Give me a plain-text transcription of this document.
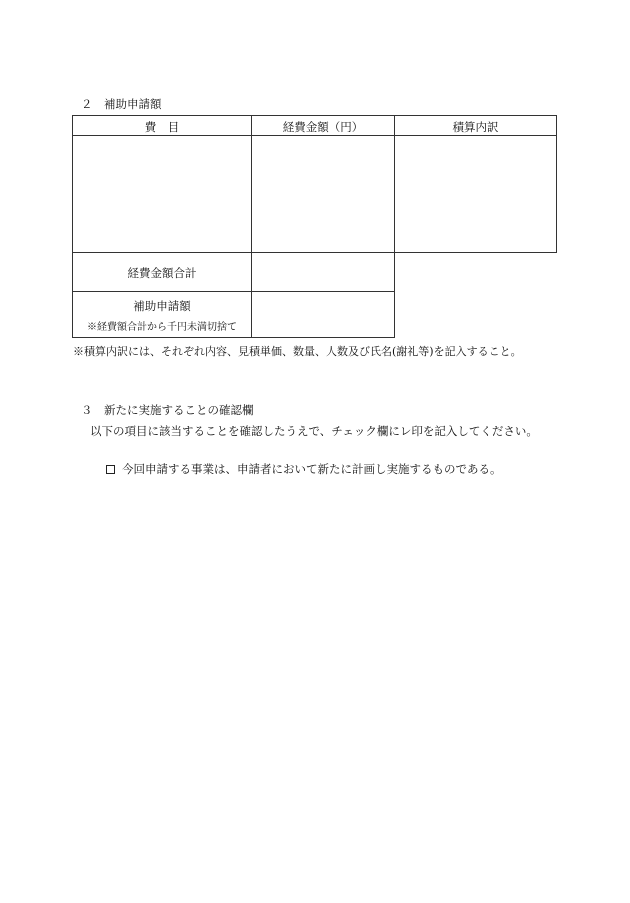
２　補助申請額
費　目	経費金額（円）	積算内訳
経費金額合計
補助申請額
※経費額合計から千円未満切捨て
※積算内訳には、それぞれ内容、見積単価、数量、人数及び氏名(謝礼等)を記入すること。
３　新たに実施することの確認欄
以下の項目に該当することを確認したうえで、チェック欄にレ印を記入してください。
今回申請する事業は、申請者において新たに計画し実施するものである。
